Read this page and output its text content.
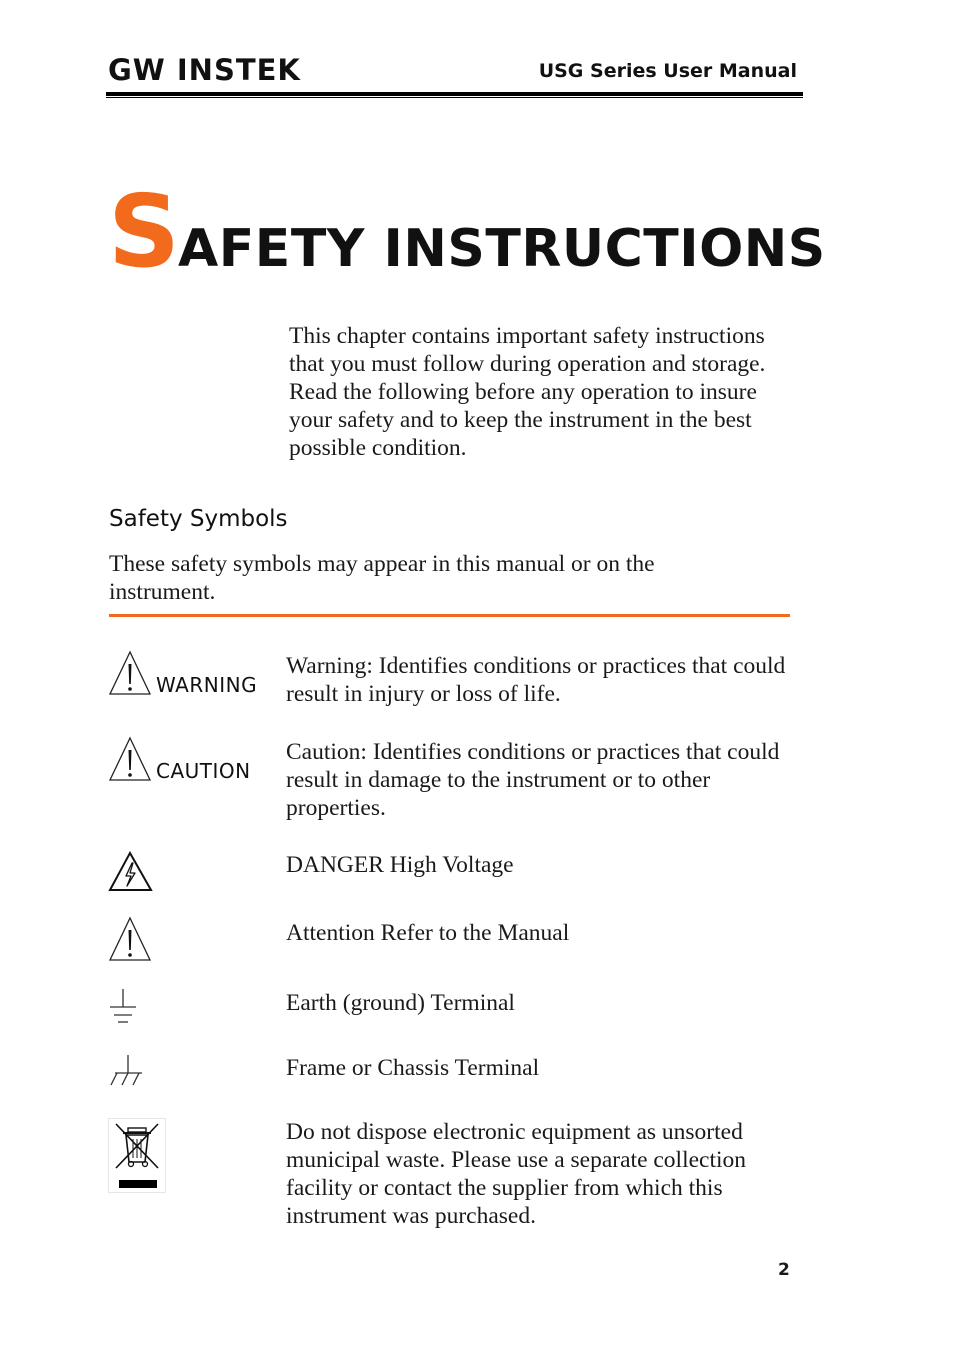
GW INSTEK	USG Series User Manual
SAFETY INSTRUCTIONS
This chapter contains important safety instructions that you must follow during operation and storage. Read the following before any operation to insure your safety and to keep the instrument in the best possible condition.
Safety Symbols
These safety symbols may appear in this manual or on the instrument.
WARNING
Warning: Identifies conditions or practices that could result in injury or loss of life.
CAUTION
Caution: Identifies conditions or practices that could result in damage to the instrument or to other properties.
DANGER High Voltage
Attention Refer to the Manual
Earth (ground) Terminal
Frame or Chassis Terminal
Do not dispose electronic equipment as unsorted municipal waste. Please use a separate collection facility or contact the supplier from which this instrument was purchased.
2
